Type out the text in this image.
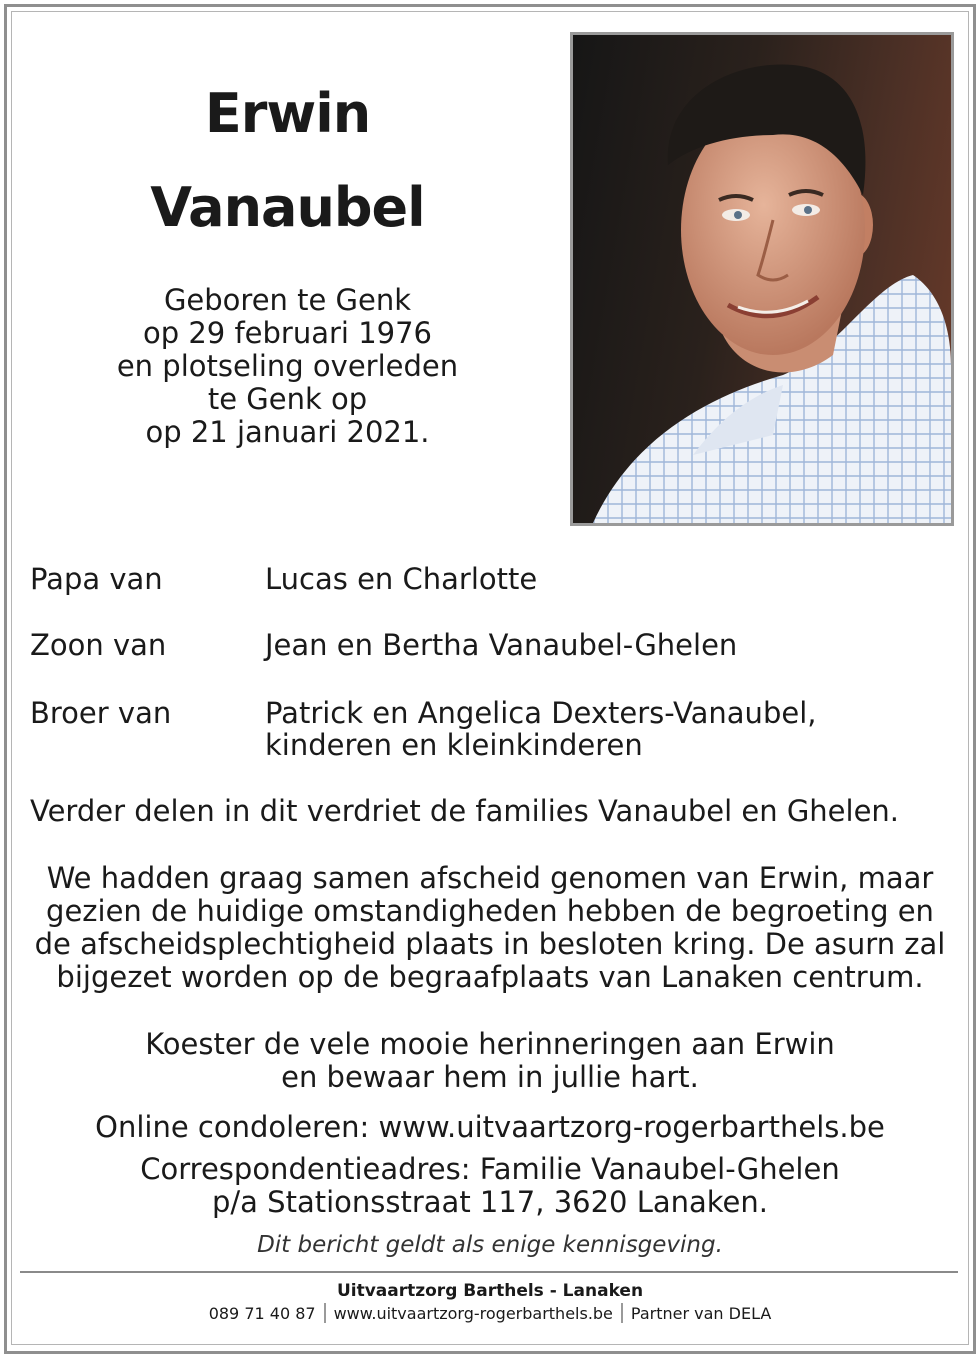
Erwin
Vanaubel
Geboren te Genk
op 29 februari 1976
en plotseling overleden
te Genk op
op 21 januari 2021.
Papa van	Lucas en Charlotte
Zoon van	Jean en Bertha Vanaubel-Ghelen
Broer van	Patrick en Angelica Dexters-Vanaubel,
kinderen en kleinkinderen
Verder delen in dit verdriet de families Vanaubel en Ghelen.
We hadden graag samen afscheid genomen van Erwin, maar
gezien de huidige omstandigheden hebben de begroeting en
de afscheidsplechtigheid plaats in besloten kring. De asurn zal
bijgezet worden op de begraafplaats van Lanaken centrum.
Koester de vele mooie herinneringen aan Erwin
en bewaar hem in jullie hart.
Online condoleren: www.uitvaartzorg-rogerbarthels.be
Correspondentieadres: Familie Vanaubel-Ghelen
p/a Stationsstraat 117, 3620 Lanaken.
Dit bericht geldt als enige kennisgeving.
Uitvaartzorg Barthels - Lanaken
089 71 40 87 www.uitvaartzorg-rogerbarthels.be Partner van DELA
